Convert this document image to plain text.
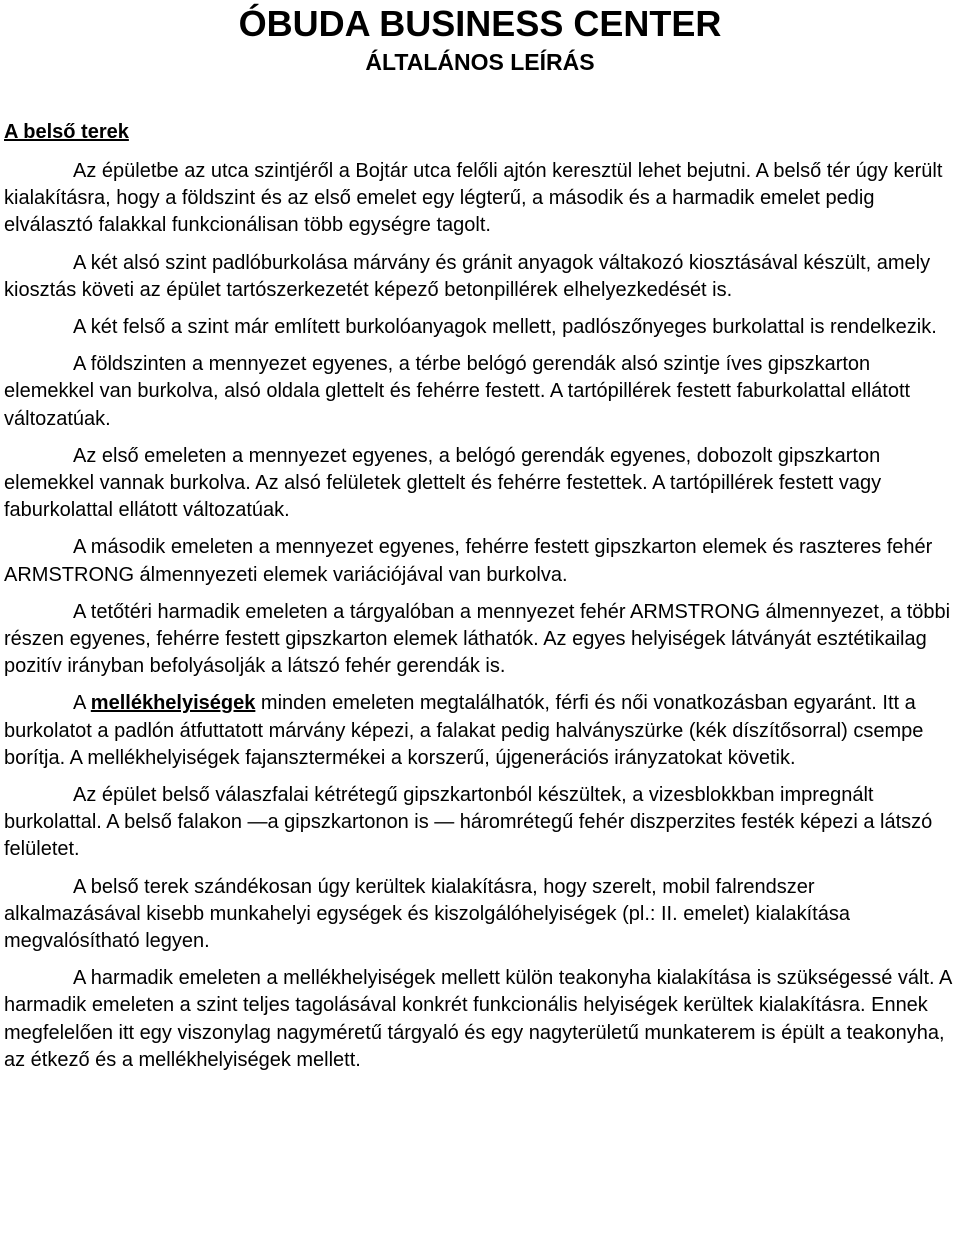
ÓBUDA BUSINESS CENTER
ÁLTALÁNOS LEÍRÁS
A belső terek

Az épületbe az utca szintjéről a Bojtár utca felőli ajtón keresztül lehet bejutni. A belső tér úgy került kialakításra, hogy a földszint és az első emelet egy légterű, a második és a harmadik emelet pedig elválasztó falakkal funkcionálisan több egységre tagolt.

A két alsó szint padlóburkolása márvány és gránit anyagok váltakozó kiosztásával készült, amely kiosztás követi az épület tartószerkezetét képező betonpillérek elhelyezkedését is.

A két felső a szint már említett burkolóanyagok mellett, padlószőnyeges burkolattal is rendelkezik.

A földszinten a mennyezet egyenes, a térbe belógó gerendák alsó szintje íves gipszkarton elemekkel van burkolva, alsó oldala glettelt és fehérre festett. A tartópillérek festett faburkolattal ellátott változatúak.

Az első emeleten a mennyezet egyenes, a belógó gerendák egyenes, dobozolt gipszkarton elemekkel vannak burkolva. Az alsó felületek glettelt és fehérre festettek. A tartópillérek festett vagy faburkolattal ellátott változatúak.

A második emeleten a mennyezet egyenes, fehérre festett gipszkarton elemek és raszteres fehér ARMSTRONG álmennyezeti elemek variációjával van burkolva.

A tetőtéri harmadik emeleten a tárgyalóban a mennyezet fehér ARMSTRONG álmennyezet, a többi részen egyenes, fehérre festett gipszkarton elemek láthatók. Az egyes helyiségek látványát esztétikailag pozitív irányban befolyásolják a látszó fehér gerendák is.

A mellékhelyiségek minden emeleten megtalálhatók, férfi és női vonatkozásban egyaránt. Itt a burkolatot a padlón átfuttatott márvány képezi, a falakat pedig halványszürke (kék díszítősorral) csempe borítja. A mellékhelyiségek fajansztermékei a korszerű, újgenerációs irányzatokat követik.

Az épület belső válaszfalai kétrétegű gipszkartonból készültek, a vizesblokkban impregnált burkolattal. A belső falakon —a gipszkartonon is — háromrétegű fehér diszperzites festék képezi a látszó felületet.

A belső terek szándékosan úgy kerültek kialakításra, hogy szerelt, mobil falrendszer alkalmazásával kisebb munkahelyi egységek és kiszolgálóhelyiségek (pl.: II. emelet) kialakítása megvalósítható legyen.

A harmadik emeleten a mellékhelyiségek mellett külön teakonyha kialakítása is szükségessé vált. A harmadik emeleten a szint teljes tagolásával konkrét funkcionális helyiségek kerültek kialakításra. Ennek megfelelően itt egy viszonylag nagyméretű tárgyaló és egy nagyterületű munkaterem is épült a teakonyha, az étkező és a mellékhelyiségek mellett.
